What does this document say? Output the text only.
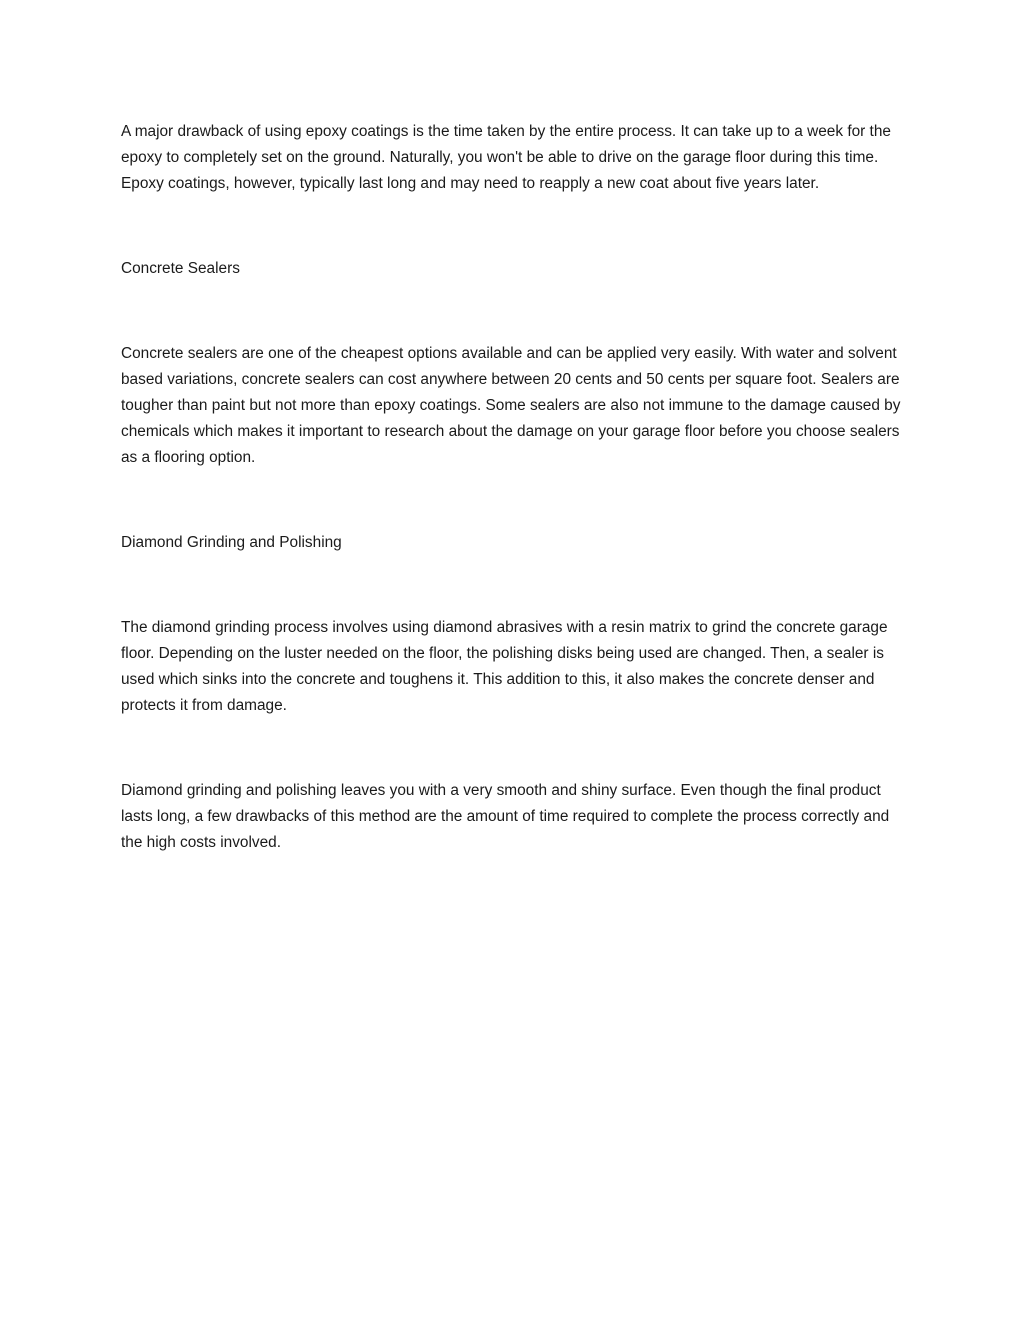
A major drawback of using epoxy coatings is the time taken by the entire process. It can take up to a week for the epoxy to completely set on the ground. Naturally, you won't be able to drive on the garage floor during this time. Epoxy coatings, however, typically last long and may need to reapply a new coat about five years later.

Concrete Sealers

Concrete sealers are one of the cheapest options available and can be applied very easily. With water and solvent based variations, concrete sealers can cost anywhere between 20 cents and 50 cents per square foot. Sealers are tougher than paint but not more than epoxy coatings. Some sealers are also not immune to the damage caused by chemicals which makes it important to research about the damage on your garage floor before you choose sealers as a flooring option.

Diamond Grinding and Polishing

The diamond grinding process involves using diamond abrasives with a resin matrix to grind the concrete garage floor. Depending on the luster needed on the floor, the polishing disks being used are changed. Then, a sealer is used which sinks into the concrete and toughens it. This addition to this, it also makes the concrete denser and protects it from damage.

Diamond grinding and polishing leaves you with a very smooth and shiny surface. Even though the final product lasts long, a few drawbacks of this method are the amount of time required to complete the process correctly and the high costs involved.
